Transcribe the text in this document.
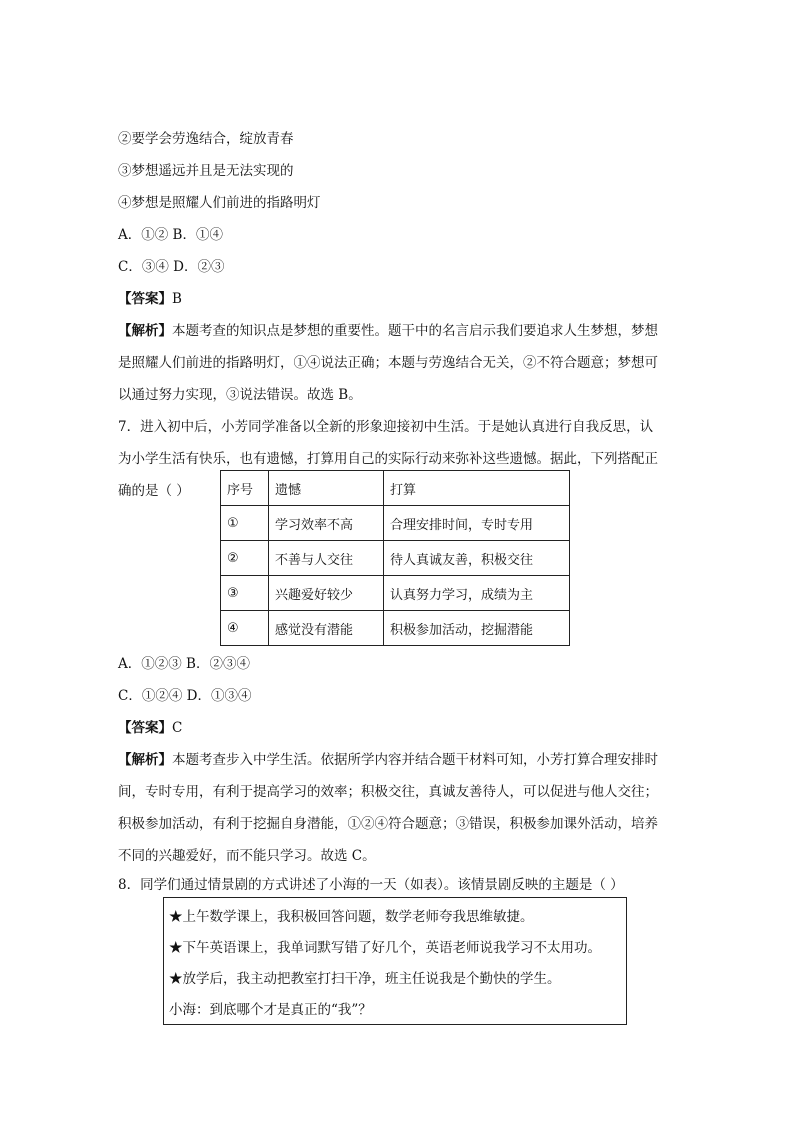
②要学会劳逸结合，绽放青春
③梦想遥远并且是无法实现的
④梦想是照耀人们前进的指路明灯
A．①② B．①④
C．③④ D．②③
【答案】B
【解析】本题考查的知识点是梦想的重要性。题干中的名言启示我们要追求人生梦想，梦想
是照耀人们前进的指路明灯，①④说法正确；本题与劳逸结合无关，②不符合题意；梦想可
以通过努力实现，③说法错误。故选 B。
7．进入初中后，小芳同学准备以全新的形象迎接初中生活。于是她认真进行自我反思，认
为小学生活有快乐，也有遗憾，打算用自己的实际行动来弥补这些遗憾。据此，下列搭配正
确的是（ ）	序号	遗憾	打算
①	学习效率不高	合理安排时间，专时专用
②	不善与人交往	待人真诚友善，积极交往
③	兴趣爱好较少	认真努力学习，成绩为主
④	感觉没有潜能	积极参加活动，挖掘潜能
A．①②③ B．②③④
C．①②④ D．①③④
【答案】C
【解析】本题考查步入中学生活。依据所学内容并结合题干材料可知，小芳打算合理安排时
间，专时专用，有利于提高学习的效率；积极交往，真诚友善待人，可以促进与他人交往；
积极参加活动，有利于挖掘自身潜能，①②④符合题意；③错误，积极参加课外活动，培养
不同的兴趣爱好，而不能只学习。故选 C。
8．同学们通过情景剧的方式讲述了小海的一天（如表）。该情景剧反映的主题是（ ）
★上午数学课上，我积极回答问题，数学老师夸我思维敏捷。
★下午英语课上，我单词默写错了好几个，英语老师说我学习不太用功。
★放学后，我主动把教室打扫干净，班主任说我是个勤快的学生。
小海：到底哪个才是真正的“我”？
